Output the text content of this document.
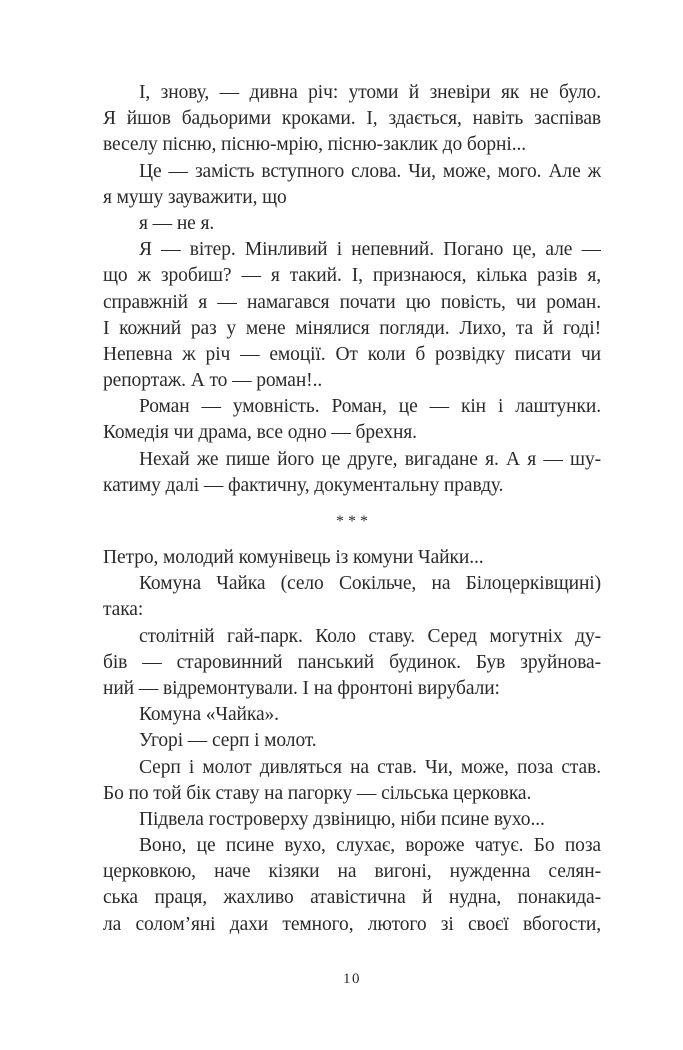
І, знову, — дивна річ: утоми й зневіри як не було.
Я йшов бадьорими кроками. І, здається, навіть заспівав
веселу пісню, пісню-мрію, пісню-заклик до борні...
Це — замість вступного слова. Чи, може, мого. Але ж
я мушу зауважити, що
я — не я.
Я — вітер. Мінливий і непевний. Погано це, але —
що ж зробиш? — я такий. І, признаюся, кілька разів я,
справжній я — намагався почати цю повість, чи роман.
І кожний раз у мене мінялися погляди. Лихо, та й годі!
Непевна ж річ — емоції. От коли б розвідку писати чи
репортаж. А то — роман!..
Роман — умовність. Роман, це — кін і лаштунки.
Комедія чи драма, все одно — брехня.
Нехай же пише його це друге, вигадане я. А я — шу-
катиму далі — фактичну, документальну правду.
***
Петро, молодий комунівець із комуни Чайки...
Комуна Чайка (село Сокільче, на Білоцерківщині)
така:
столітній гай-парк. Коло ставу. Серед могутніх ду-
бів — старовинний панський будинок. Був зруйнова-
ний — відремонтували. І на фронтоні вирубали:
Комуна «Чайка».
Угорі — серп і молот.
Серп і молот дивляться на став. Чи, може, поза став.
Бо по той бік ставу на пагорку — сільська церковка.
Підвела гостроверху дзвіницю, ніби псине вухо...
Воно, це псине вухо, слухає, вороже чатує. Бо поза
церковкою, наче кізяки на вигоні, нужденна селян-
ська праця, жахливо атавістична й нудна, понакида-
ла солом’яні дахи темного, лютого зі своєї вбогости,
10
